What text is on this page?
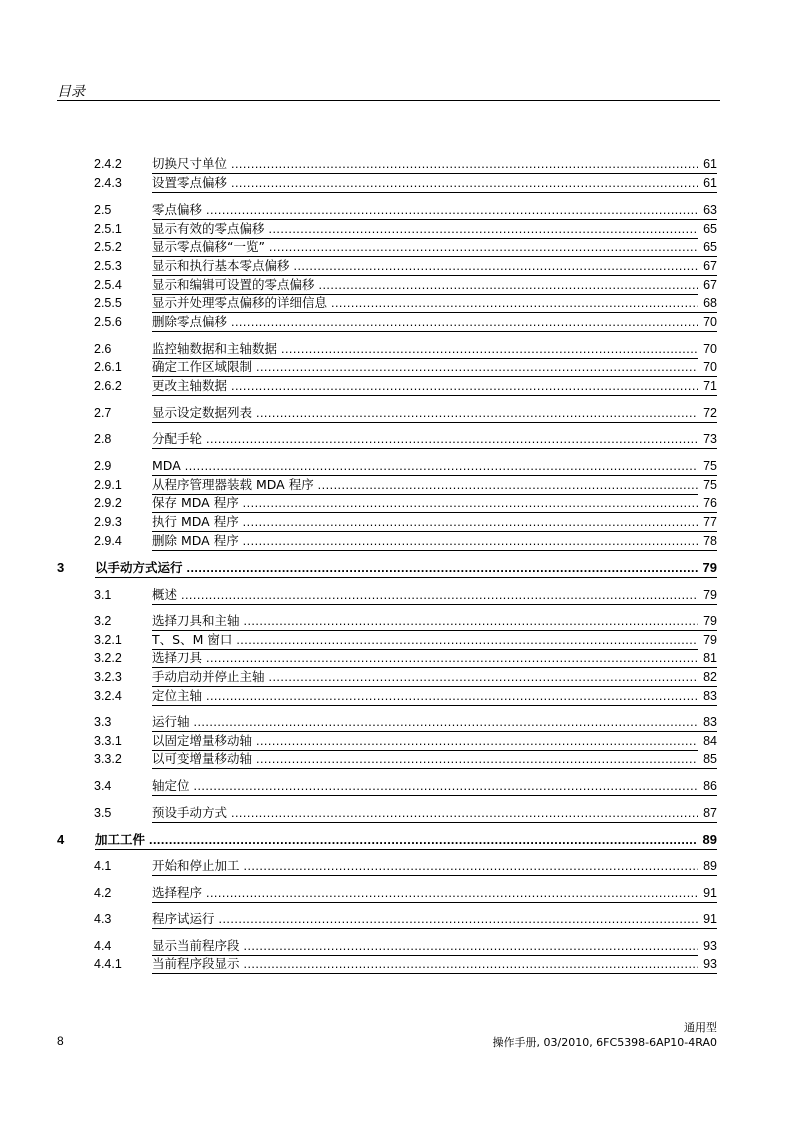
目录
2.4.2 切换尺寸单位 .....	61
2.4.3 设置零点偏移 .....	61
2.5	零点偏移 .....	63
2.5.1 显示有效的零点偏移 .....	65
2.5.2 显示零点偏移“一览” .....	65
2.5.3 显示和执行基本零点偏移 .....	67
2.5.4 显示和编辑可设置的零点偏移 .....	67
2.5.5 显示并处理零点偏移的详细信息 .....	68
2.5.6 删除零点偏移 .....	70
2.6	监控轴数据和主轴数据 .....	70
2.6.1 确定工作区域限制 .....	70
2.6.2 更改主轴数据 .....	71
2.7	显示设定数据列表 .....	72
2.8	分配手轮 .....	73
2.9	MDA .....	75
2.9.1 从程序管理器装载 MDA 程序 .....	75
2.9.2 保存 MDA 程序 .....	76
2.9.3 执行 MDA 程序 .....	77
2.9.4 删除 MDA 程序 .....	78
3 以手动方式运行 .....	79
3.1	概述 .....	79
3.2	选择刀具和主轴 .....	79
3.2.1 T、S、M 窗口 .....	79
3.2.2 选择刀具 .....	81
3.2.3 手动启动并停止主轴 .....	82
3.2.4 定位主轴 .....	83
3.3	运行轴 .....	83
3.3.1 以固定增量移动轴 .....	84
3.3.2 以可变增量移动轴 .....	85
3.4	轴定位 .....	86
3.5	预设手动方式 .....	87
4 加工工件 .....	89
4.1	开始和停止加工 .....	89
4.2	选择程序 .....	91
4.3	程序试运行 .....	91
4.4	显示当前程序段 .....	93
4.4.1 当前程序段显示 .....	93
8
通用型
操作手册, 03/2010, 6FC5398-6AP10-4RA0
